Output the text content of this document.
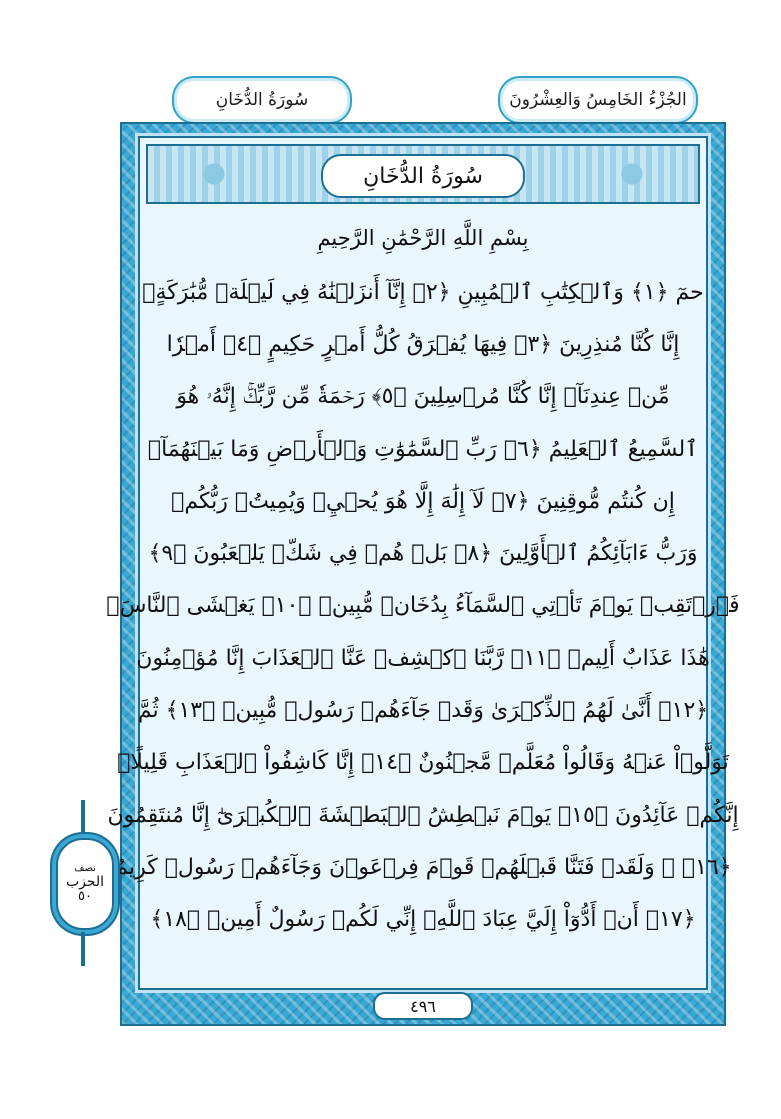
سُورَةُ الدُّخَانِ	الجُزْءُ الخَامِسُ وَالعِشْرُونَ
سُورَةُ الدُّخَانِ
بِسْمِ اللَّهِ الرَّحْمَٰنِ الرَّحِيمِ
حمٓ ﴿١﴾ وَٱلۡكِتَٰبِ ٱلۡمُبِينِ ﴿٢﴾ إِنَّآ أَنزَلۡنَٰهُ فِي لَيۡلَةٖ مُّبَٰرَكَةٍۚ
إِنَّا كُنَّا مُنذِرِينَ ﴿٣﴾ فِيهَا يُفۡرَقُ كُلُّ أَمۡرٍ حَكِيمٍ ﴿٤﴾ أَمۡرٗا
مِّنۡ عِندِنَآۚ إِنَّا كُنَّا مُرۡسِلِينَ ﴿٥﴾ رَحۡمَةٗ مِّن رَّبِّكَۚ إِنَّهُۥ هُوَ
ٱلسَّمِيعُ ٱلۡعَلِيمُ ﴿٦﴾ رَبِّ ٱلسَّمَٰوَٰتِ وَٱلۡأَرۡضِ وَمَا بَيۡنَهُمَآۖ
إِن كُنتُم مُّوقِنِينَ ﴿٧﴾ لَآ إِلَٰهَ إِلَّا هُوَ يُحۡيِۦ وَيُمِيتُۖ رَبُّكُمۡ
وَرَبُّ ءَابَآئِكُمُ ٱلۡأَوَّلِينَ ﴿٨﴾ بَلۡ هُمۡ فِي شَكّٖ يَلۡعَبُونَ ﴿٩﴾
فَٱرۡتَقِبۡ يَوۡمَ تَأۡتِي ٱلسَّمَآءُ بِدُخَانٖ مُّبِينٖ ﴿١٠﴾ يَغۡشَى ٱلنَّاسَۖ
هَٰذَا عَذَابٌ أَلِيمٞ ﴿١١﴾ رَّبَّنَا ٱكۡشِفۡ عَنَّا ٱلۡعَذَابَ إِنَّا مُؤۡمِنُونَ
﴿١٢﴾ أَنَّىٰ لَهُمُ ٱلذِّكۡرَىٰ وَقَدۡ جَآءَهُمۡ رَسُولٞ مُّبِينٞ ﴿١٣﴾ ثُمَّ
تَوَلَّوۡاْ عَنۡهُ وَقَالُواْ مُعَلَّمٞ مَّجۡنُونٌ ﴿١٤﴾ إِنَّا كَاشِفُواْ ٱلۡعَذَابِ قَلِيلًاۚ
إِنَّكُمۡ عَآئِدُونَ ﴿١٥﴾ يَوۡمَ نَبۡطِشُ ٱلۡبَطۡشَةَ ٱلۡكُبۡرَىٰٓ إِنَّا مُنتَقِمُونَ
﴿١٦﴾ ۞ وَلَقَدۡ فَتَنَّا قَبۡلَهُمۡ قَوۡمَ فِرۡعَوۡنَ وَجَآءَهُمۡ رَسُولٞ كَرِيمٌ
﴿١٧﴾ أَنۡ أَدُّوٓاْ إِلَيَّ عِبَادَ ٱللَّهِۖ إِنِّي لَكُمۡ رَسُولٌ أَمِينٞ ﴿١٨﴾
٤٩٦
نصف
الحزب
٥٠
